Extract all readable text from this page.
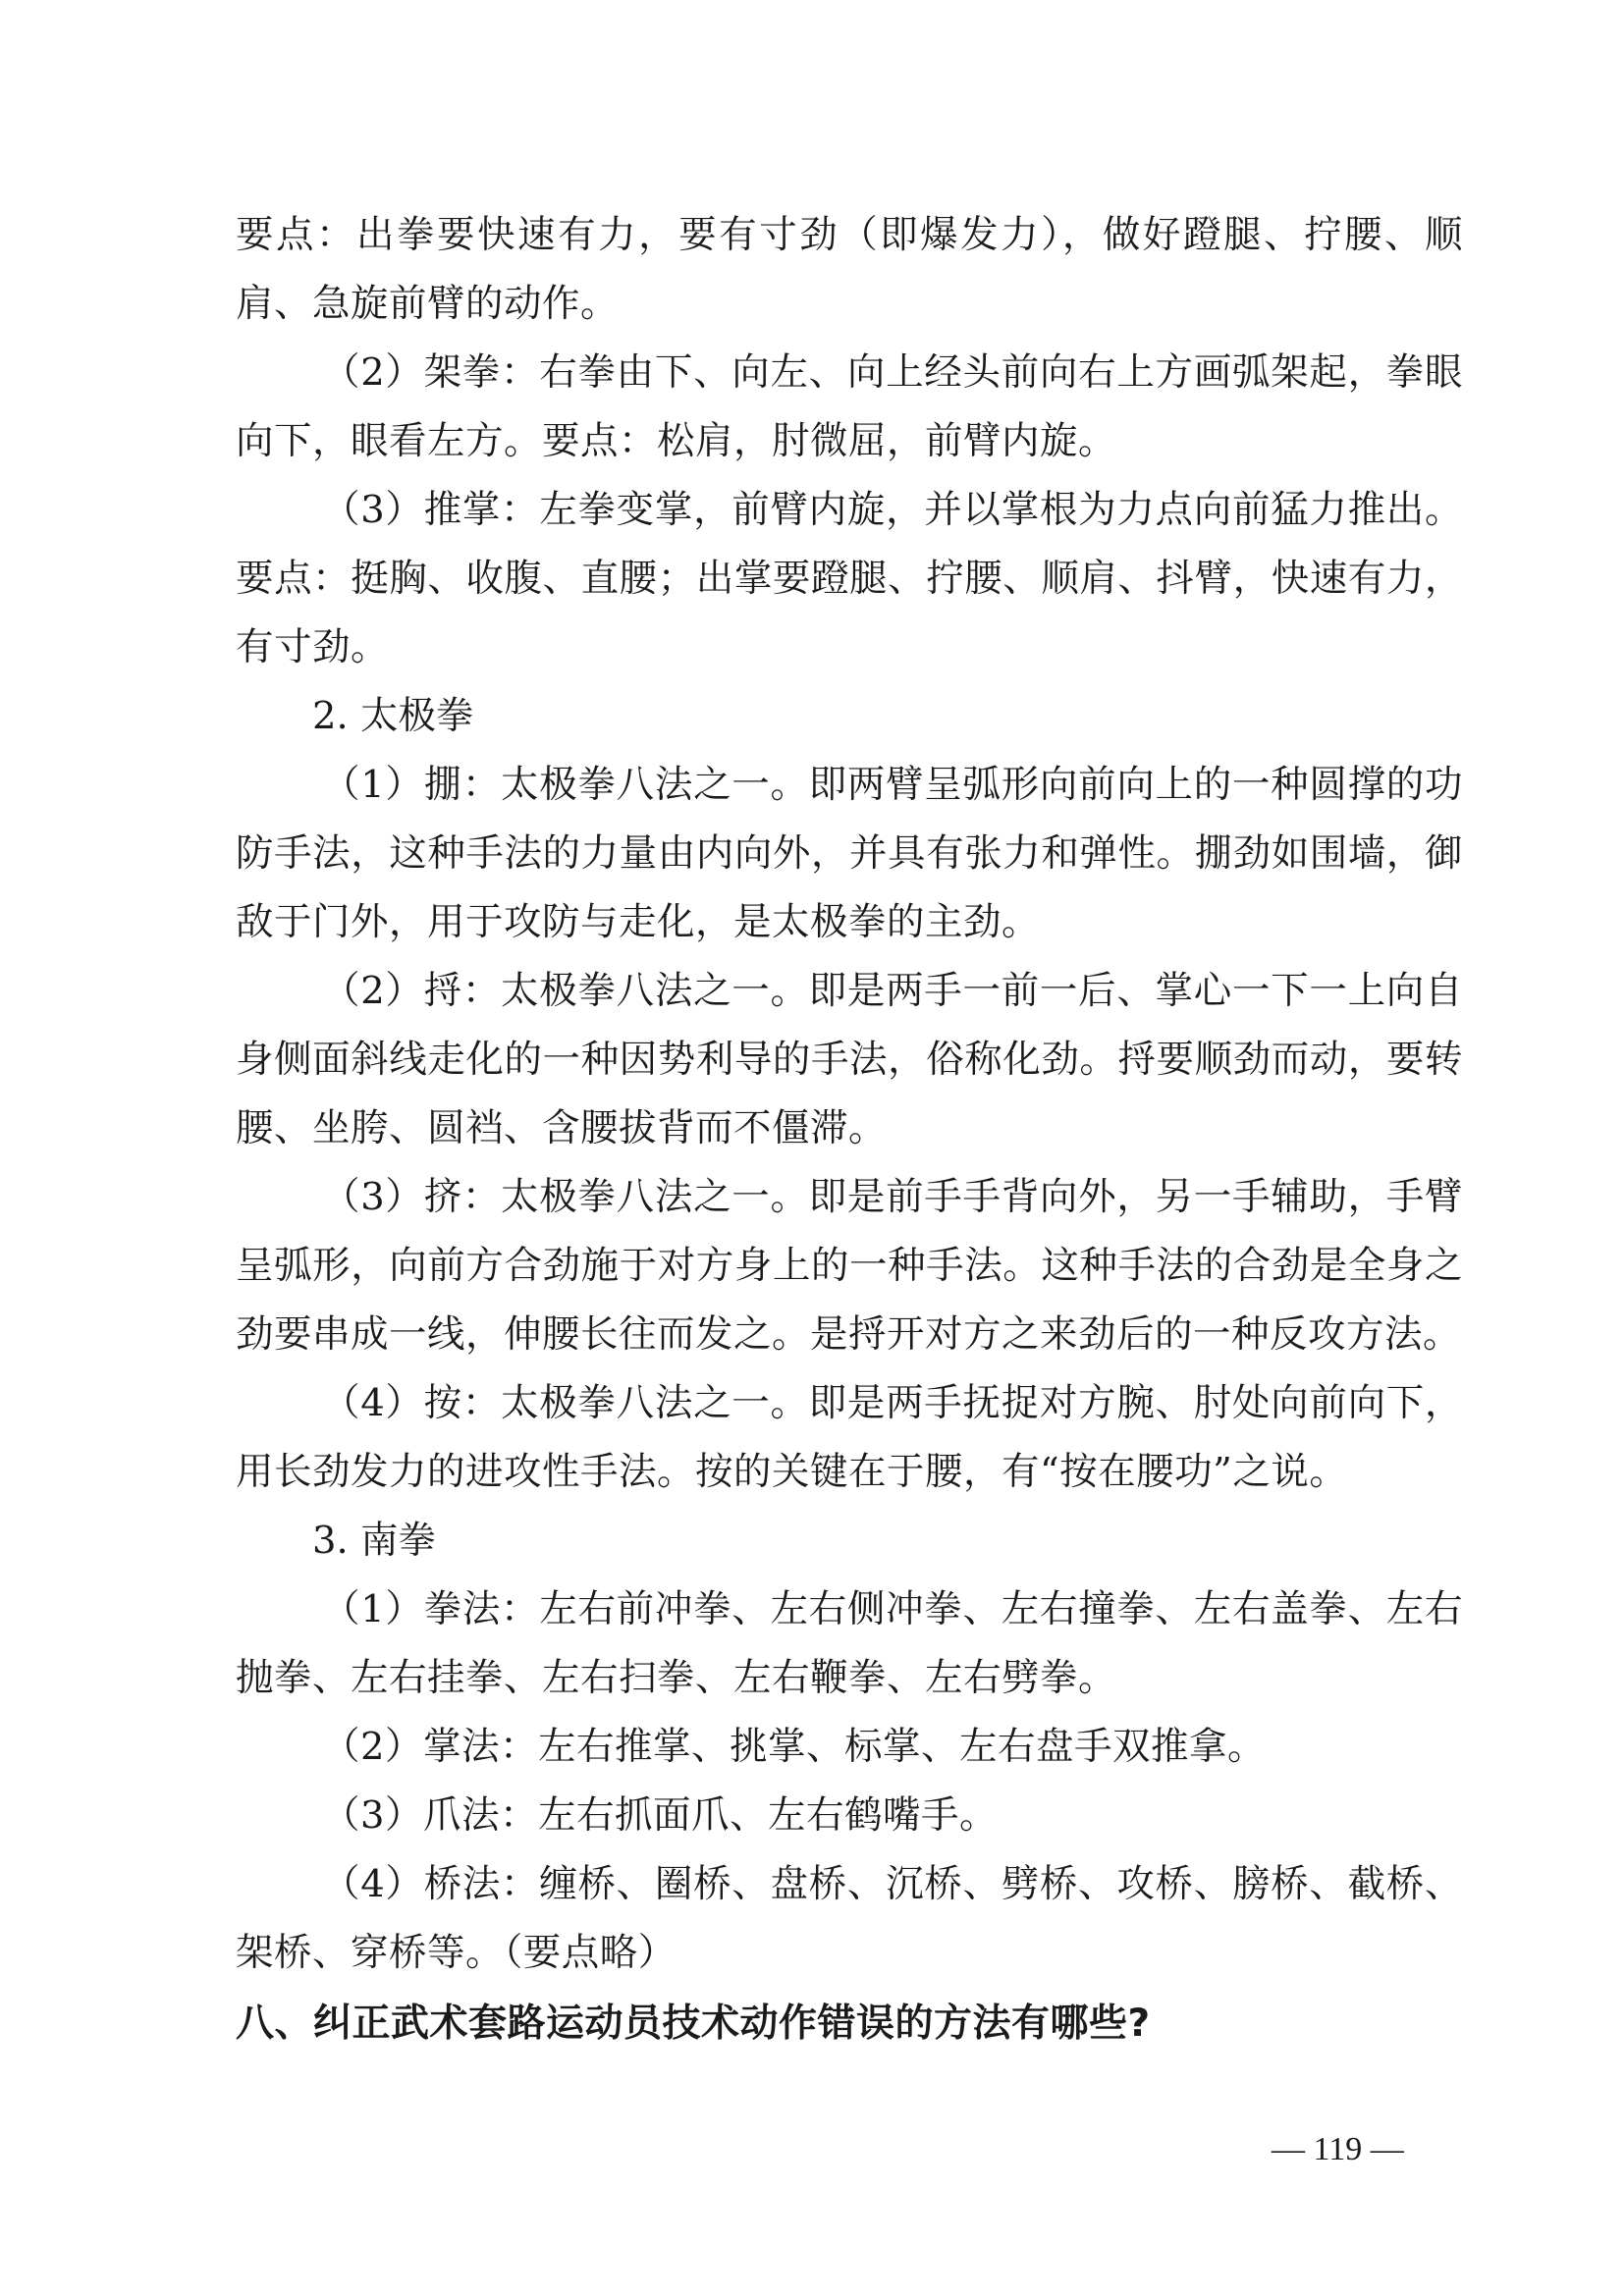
要点：出拳要快速有力，要有寸劲（即爆发力），做好蹬腿、拧腰、顺肩、急旋前臂的动作。

（2）架拳：右拳由下、向左、向上经头前向右上方画弧架起，拳眼向下，眼看左方。要点：松肩，肘微屈，前臂内旋。

（3）推掌：左拳变掌，前臂内旋，并以掌根为力点向前猛力推出。要点：挺胸、收腹、直腰；出掌要蹬腿、拧腰、顺肩、抖臂，快速有力，有寸劲。

2. 太极拳

（1）掤：太极拳八法之一。即两臂呈弧形向前向上的一种圆撑的功防手法，这种手法的力量由内向外，并具有张力和弹性。掤劲如围墙，御敌于门外，用于攻防与走化，是太极拳的主劲。

（2）捋：太极拳八法之一。即是两手一前一后、掌心一下一上向自身侧面斜线走化的一种因势利导的手法，俗称化劲。捋要顺劲而动，要转腰、坐胯、圆裆、含腰拔背而不僵滞。

（3）挤：太极拳八法之一。即是前手手背向外，另一手辅助，手臂呈弧形，向前方合劲施于对方身上的一种手法。这种手法的合劲是全身之劲要串成一线，伸腰长往而发之。是捋开对方之来劲后的一种反攻方法。

（4）按：太极拳八法之一。即是两手抚捉对方腕、肘处向前向下，用长劲发力的进攻性手法。按的关键在于腰，有“按在腰功”之说。

3. 南拳

（1）拳法：左右前冲拳、左右侧冲拳、左右撞拳、左右盖拳、左右抛拳、左右挂拳、左右扫拳、左右鞭拳、左右劈拳。

（2）掌法：左右推掌、挑掌、标掌、左右盘手双推拿。

（3）爪法：左右抓面爪、左右鹤嘴手。

（4）桥法：缠桥、圈桥、盘桥、沉桥、劈桥、攻桥、膀桥、截桥、架桥、穿桥等。（要点略）

八、纠正武术套路运动员技术动作错误的方法有哪些?

— 119 —
